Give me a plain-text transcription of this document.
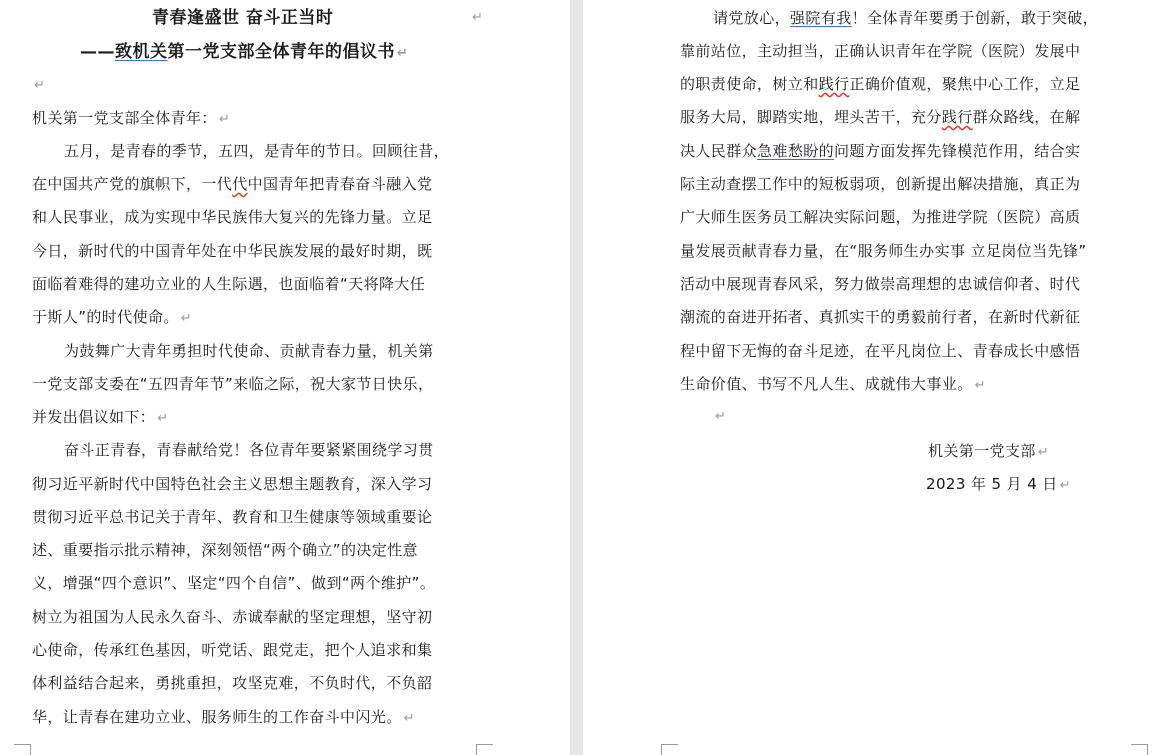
青春逢盛世 奋斗正当时	↵
——致机关第一党支部全体青年的倡议书 ↵
↵
机关第一党支部全体青年： ↵
五月，是青春的季节，五四，是青年的节日。回顾往昔，
在中国共产党的旗帜下，一代代中国青年把青春奋斗融入党
和人民事业，成为实现中华民族伟大复兴的先锋力量。立足
今日，新时代的中国青年处在中华民族发展的最好时期，既
面临着难得的建功立业的人生际遇，也面临着“天将降大任
于斯人”的时代使命。 ↵
为鼓舞广大青年勇担时代使命、贡献青春力量，机关第
一党支部支委在“五四青年节”来临之际，祝大家节日快乐，
并发出倡议如下： ↵
奋斗正青春，青春献给党！各位青年要紧紧围绕学习贯
彻习近平新时代中国特色社会主义思想主题教育，深入学习
贯彻习近平总书记关于青年、教育和卫生健康等领域重要论
述、重要指示批示精神，深刻领悟“两个确立”的决定性意
义，增强“四个意识”、坚定“四个自信”、做到“两个维护”。
树立为祖国为人民永久奋斗、赤诚奉献的坚定理想，坚守初
心使命，传承红色基因，听党话、跟党走，把个人追求和集
体利益结合起来，勇挑重担，攻坚克难，不负时代，不负韶
华，让青春在建功立业、服务师生的工作奋斗中闪光。 ↵
请党放心，强院有我！全体青年要勇于创新，敢于突破，
靠前站位，主动担当，正确认识青年在学院（医院）发展中
的职责使命，树立和践行正确价值观，聚焦中心工作，立足
服务大局，脚踏实地，埋头苦干，充分践行群众路线，在解
决人民群众急难愁盼的问题方面发挥先锋模范作用，结合实
际主动查摆工作中的短板弱项，创新提出解决措施，真正为
广大师生医务员工解决实际问题，为推进学院（医院）高质
量发展贡献青春力量，在“服务师生办实事 立足岗位当先锋”
活动中展现青春风采，努力做崇高理想的忠诚信仰者、时代
潮流的奋进开拓者、真抓实干的勇毅前行者，在新时代新征
程中留下无悔的奋斗足迹，在平凡岗位上、青春成长中感悟
生命价值、书写不凡人生、成就伟大事业。 ↵
↵
机关第一党支部 ↵
2023 年 5 月 4 日 ↵
